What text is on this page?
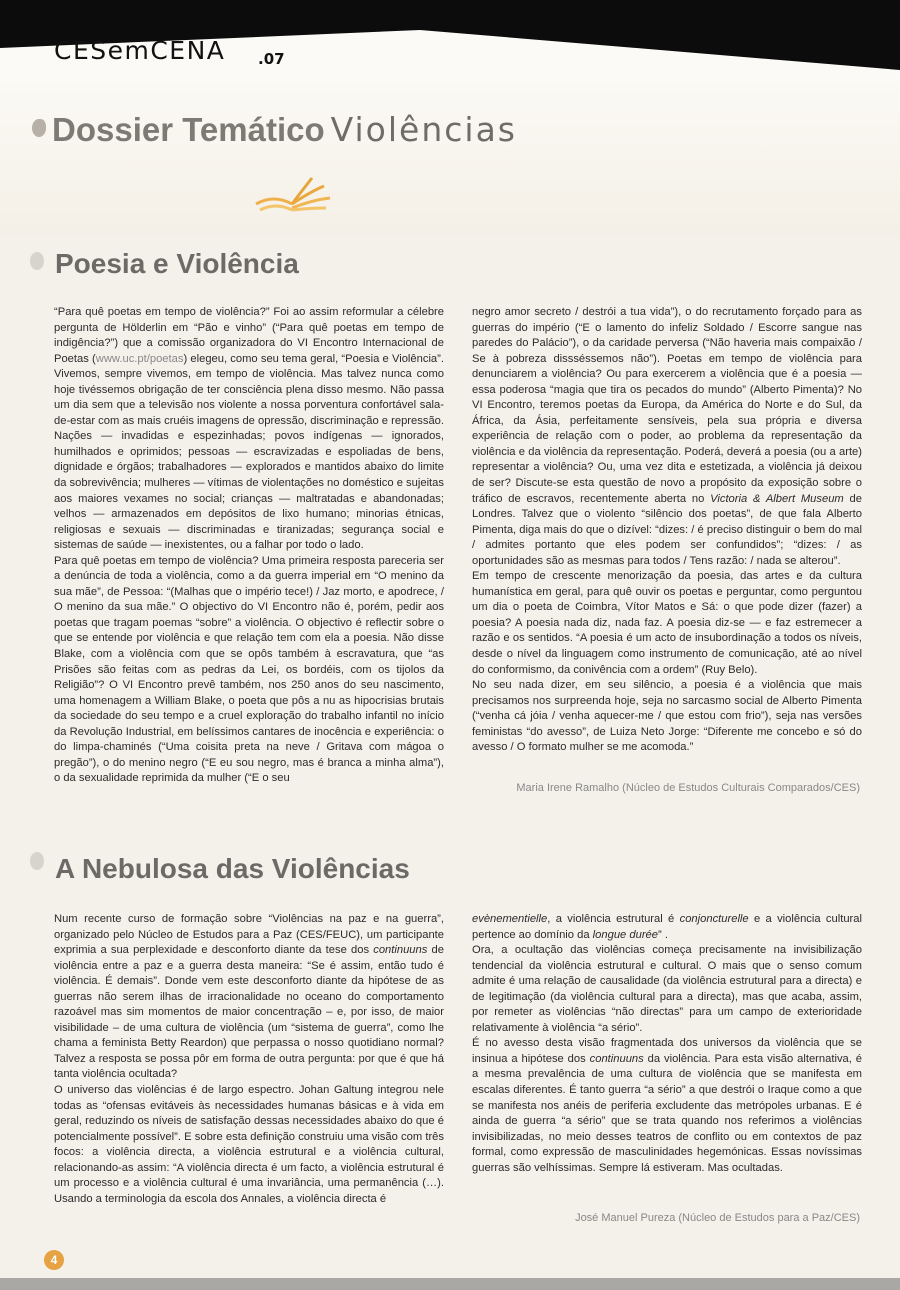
CESemCENA .07
Dossier Temático Violências
Poesia e Violência

“Para quê poetas em tempo de violência?” Foi ao assim reformular a célebre pergunta de Hölderlin em “Pão e vinho” (“Para quê poetas em tempo de indigência?”) que a comissão organizadora do VI Encontro Internacional de Poetas (www.uc.pt/poetas) elegeu, como seu tema geral, “Poesia e Violência”. Vivemos, sempre vivemos, em tempo de violência. Mas talvez nunca como hoje tivéssemos obrigação de ter consciência plena disso mesmo. Não passa um dia sem que a televisão nos violente a nossa porventura confortável sala-de-estar com as mais cruéis imagens de opressão, discriminação e repressão. Nações — invadidas e espezinhadas; povos indígenas — ignorados, humilhados e oprimidos; pessoas — escravizadas e espoliadas de bens, dignidade e órgãos; trabalhadores — explorados e mantidos abaixo do limite da sobrevivência; mulheres — vítimas de violentações no doméstico e sujeitas aos maiores vexames no social; crianças — maltratadas e abandonadas; velhos — armazenados em depósitos de lixo humano; minorias étnicas, religiosas e sexuais — discriminadas e tiranizadas; segurança social e sistemas de saúde — inexistentes, ou a falhar por todo o lado.

Para quê poetas em tempo de violência? Uma primeira resposta pareceria ser a denúncia de toda a violência, como a da guerra imperial em “O menino da sua mãe”, de Pessoa: “(Malhas que o império tece!) / Jaz morto, e apodrece, / O menino da sua mãe.” O objectivo do VI Encontro não é, porém, pedir aos poetas que tragam poemas “sobre” a violência. O objectivo é reflectir sobre o que se entende por violência e que relação tem com ela a poesia. Não disse Blake, com a violência com que se opôs também à escravatura, que “as Prisões são feitas com as pedras da Lei, os bordéis, com os tijolos da Religião”? O VI Encontro prevê também, nos 250 anos do seu nascimento, uma homenagem a William Blake, o poeta que pôs a nu as hipocrisias brutais da sociedade do seu tempo e a cruel exploração do trabalho infantil no início da Revolução Industrial, em belíssimos cantares de inocência e experiência: o do limpa-chaminés (“Uma coisita preta na neve / Gritava com mágoa o pregão”), o do menino negro (“E eu sou negro, mas é branca a minha alma”), o da sexualidade reprimida da mulher (“E o seu

negro amor secreto / destrói a tua vida”), o do recrutamento forçado para as guerras do império (“E o lamento do infeliz Soldado / Escorre sangue nas paredes do Palácio”), o da caridade perversa (“Não haveria mais compaixão / Se à pobreza dissséssemos não”). Poetas em tempo de violência para denunciarem a violência? Ou para exercerem a violência que é a poesia — essa poderosa “magia que tira os pecados do mundo” (Alberto Pimenta)? No VI Encontro, teremos poetas da Europa, da América do Norte e do Sul, da África, da Ásia, perfeitamente sensíveis, pela sua própria e diversa experiência de relação com o poder, ao problema da representação da violência e da violência da representação. Poderá, deverá a poesia (ou a arte) representar a violência? Ou, uma vez dita e estetizada, a violência já deixou de ser? Discute-se esta questão de novo a propósito da exposição sobre o tráfico de escravos, recentemente aberta no Victoria & Albert Museum de Londres. Talvez que o violento “silêncio dos poetas”, de que fala Alberto Pimenta, diga mais do que o dizível: “dizes: / é preciso distinguir o bem do mal / admites portanto que eles podem ser confundidos”; “dizes: / as oportunidades são as mesmas para todos / Tens razão: / nada se alterou”.

Em tempo de crescente menorização da poesia, das artes e da cultura humanística em geral, para quê ouvir os poetas e perguntar, como perguntou um dia o poeta de Coimbra, Vítor Matos e Sá: o que pode dizer (fazer) a poesia? A poesia nada diz, nada faz. A poesia diz-se — e faz estremecer a razão e os sentidos. “A poesia é um acto de insubordinação a todos os níveis, desde o nível da linguagem como instrumento de comunicação, até ao nível do conformismo, da conivência com a ordem” (Ruy Belo).

No seu nada dizer, em seu silêncio, a poesia é a violência que mais precisamos nos surpreenda hoje, seja no sarcasmo social de Alberto Pimenta (“venha cá jóia / venha aquecer-me / que estou com frio”), seja nas versões feministas “do avesso”, de Luiza Neto Jorge: “Diferente me concebo e só do avesso / O formato mulher se me acomoda.”

Maria Irene Ramalho (Núcleo de Estudos Culturais Comparados/CES)
A Nebulosa das Violências

Num recente curso de formação sobre “Violências na paz e na guerra”, organizado pelo Núcleo de Estudos para a Paz (CES/FEUC), um participante exprimia a sua perplexidade e desconforto diante da tese dos continuuns de violência entre a paz e a guerra desta maneira: “Se é assim, então tudo é violência. É demais”. Donde vem este desconforto diante da hipótese de as guerras não serem ilhas de irracionalidade no oceano do comportamento razoável mas sim momentos de maior concentração – e, por isso, de maior visibilidade – de uma cultura de violência (um “sistema de guerra”, como lhe chama a feminista Betty Reardon) que perpassa o nosso quotidiano normal? Talvez a resposta se possa pôr em forma de outra pergunta: por que é que há tanta violência ocultada?

O universo das violências é de largo espectro. Johan Galtung integrou nele todas as “ofensas evitáveis às necessidades humanas básicas e à vida em geral, reduzindo os níveis de satisfação dessas necessidades abaixo do que é potencialmente possível”. E sobre esta definição construiu uma visão com três focos: a violência directa, a violência estrutural e a violência cultural, relacionando-as assim: “A violência directa é um facto, a violência estrutural é um processo e a violência cultural é uma invariância, uma permanência (…). Usando a terminologia da escola dos Annales, a violência directa é

evènementielle, a violência estrutural é conjoncturelle e a violência cultural pertence ao domínio da longue durée” .

Ora, a ocultação das violências começa precisamente na invisibilização tendencial da violência estrutural e cultural. O mais que o senso comum admite é uma relação de causalidade (da violência estrutural para a directa) e de legitimação (da violência cultural para a directa), mas que acaba, assim, por remeter as violências “não directas” para um campo de exterioridade relativamente à violência “a sério”.

É no avesso desta visão fragmentada dos universos da violência que se insinua a hipótese dos continuuns da violência. Para esta visão alternativa, é a mesma prevalência de uma cultura de violência que se manifesta em escalas diferentes. É tanto guerra “a sério” a que destrói o Iraque como a que se manifesta nos anéis de periferia excludente das metrópoles urbanas. E é ainda de guerra “a sério” que se trata quando nos referimos a violências invisibilizadas, no meio desses teatros de conflito ou em contextos de paz formal, como expressão de masculinidades hegemónicas. Essas novíssimas guerras são velhíssimas. Sempre lá estiveram. Mas ocultadas.

José Manuel Pureza (Núcleo de Estudos para a Paz/CES)
4
